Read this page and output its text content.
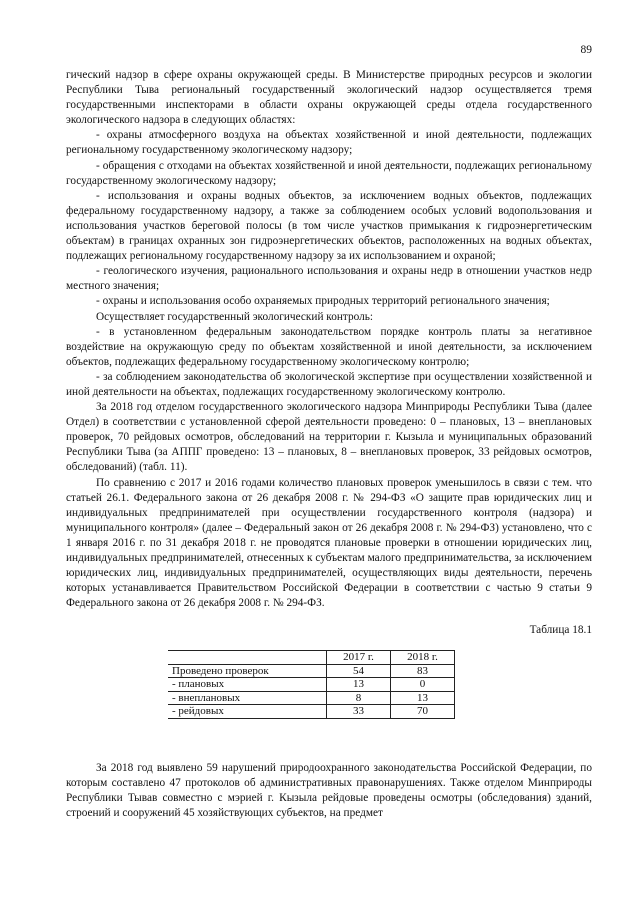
89

гический надзор в сфере охраны окружающей среды. В Министерстве природных ресурсов и экологии Республики Тыва региональный государственный экологический надзор осуществляется тремя государственными инспекторами в области охраны окружающей среды отдела государственного экологического надзора в следующих областях:

- охраны атмосферного воздуха на объектах хозяйственной и иной деятельности, подлежащих региональному государственному экологическому надзору;

- обращения с отходами на объектах хозяйственной и иной деятельности, подлежащих региональному государственному экологическому надзору;

- использования и охраны водных объектов, за исключением водных объектов, подлежащих федеральному государственному надзору, а также за соблюдением особых условий водопользования и использования участков береговой полосы (в том числе участков примыкания к гидроэнергетическим объектам) в границах охранных зон гидроэнергетических объектов, расположенных на водных объектах, подлежащих региональному государственному надзору за их использованием и охраной;

- геологического изучения, рационального использования и охраны недр в отношении участков недр местного значения;

- охраны и использования особо охраняемых природных территорий регионального значения;

Осуществляет государственный экологический контроль:

- в установленном федеральным законодательством порядке контроль платы за негативное воздействие на окружающую среду по объектам хозяйственной и иной деятельности, за исключением объектов, подлежащих федеральному государственному экологическому контролю;

- за соблюдением законодательства об экологической экспертизе при осуществлении хозяйственной и иной деятельности на объектах, подлежащих государственному экологическому контролю.

За 2018 год отделом государственного экологического надзора Минприроды Республики Тыва (далее Отдел) в соответствии с установленной сферой деятельности проведено: 0 – плановых, 13 – внеплановых проверок, 70 рейдовых осмотров, обследований на территории г. Кызыла и муниципальных образований Республики Тыва (за АППГ проведено: 13 – плановых, 8 – внеплановых проверок, 33 рейдовых осмотров, обследований) (табл. 11).

По сравнению с 2017 и 2016 годами количество плановых проверок уменьшилось в связи с тем. что статьей 26.1. Федерального закона от 26 декабря 2008 г. № 294-ФЗ «О защите прав юридических лиц и индивидуальных предпринимателей при осуществлении государственного контроля (надзора) и муниципального контроля» (далее – Федеральный закон от 26 декабря 2008 г. № 294-ФЗ) установлено, что с 1 января 2016 г. по 31 декабря 2018 г. не проводятся плановые проверки в отношении юридических лиц, индивидуальных предпринимателей, отнесенных к субъектам малого предпринимательства, за исключением юридических лиц, индивидуальных предпринимателей, осуществляющих виды деятельности, перечень которых устанавливается Правительством Российской Федерации в соответствии с частью 9 статьи 9 Федерального закона от 26 декабря 2008 г. № 294-ФЗ.

Таблица 18.1
	2017 г.	2018 г.
Проведено проверок	54	83
- плановых	13	0
- внеплановых	8	13
- рейдовых	33	70

За 2018 год выявлено 59 нарушений природоохранного законодательства Российской Федерации, по которым составлено 47 протоколов об административных правонарушениях. Также отделом Минприроды Республики Тывав совместно с мэрией г. Кызыла рейдовые проведены осмотры (обследования) зданий, строений и сооружений 45 хозяйствующих субъектов, на предмет
